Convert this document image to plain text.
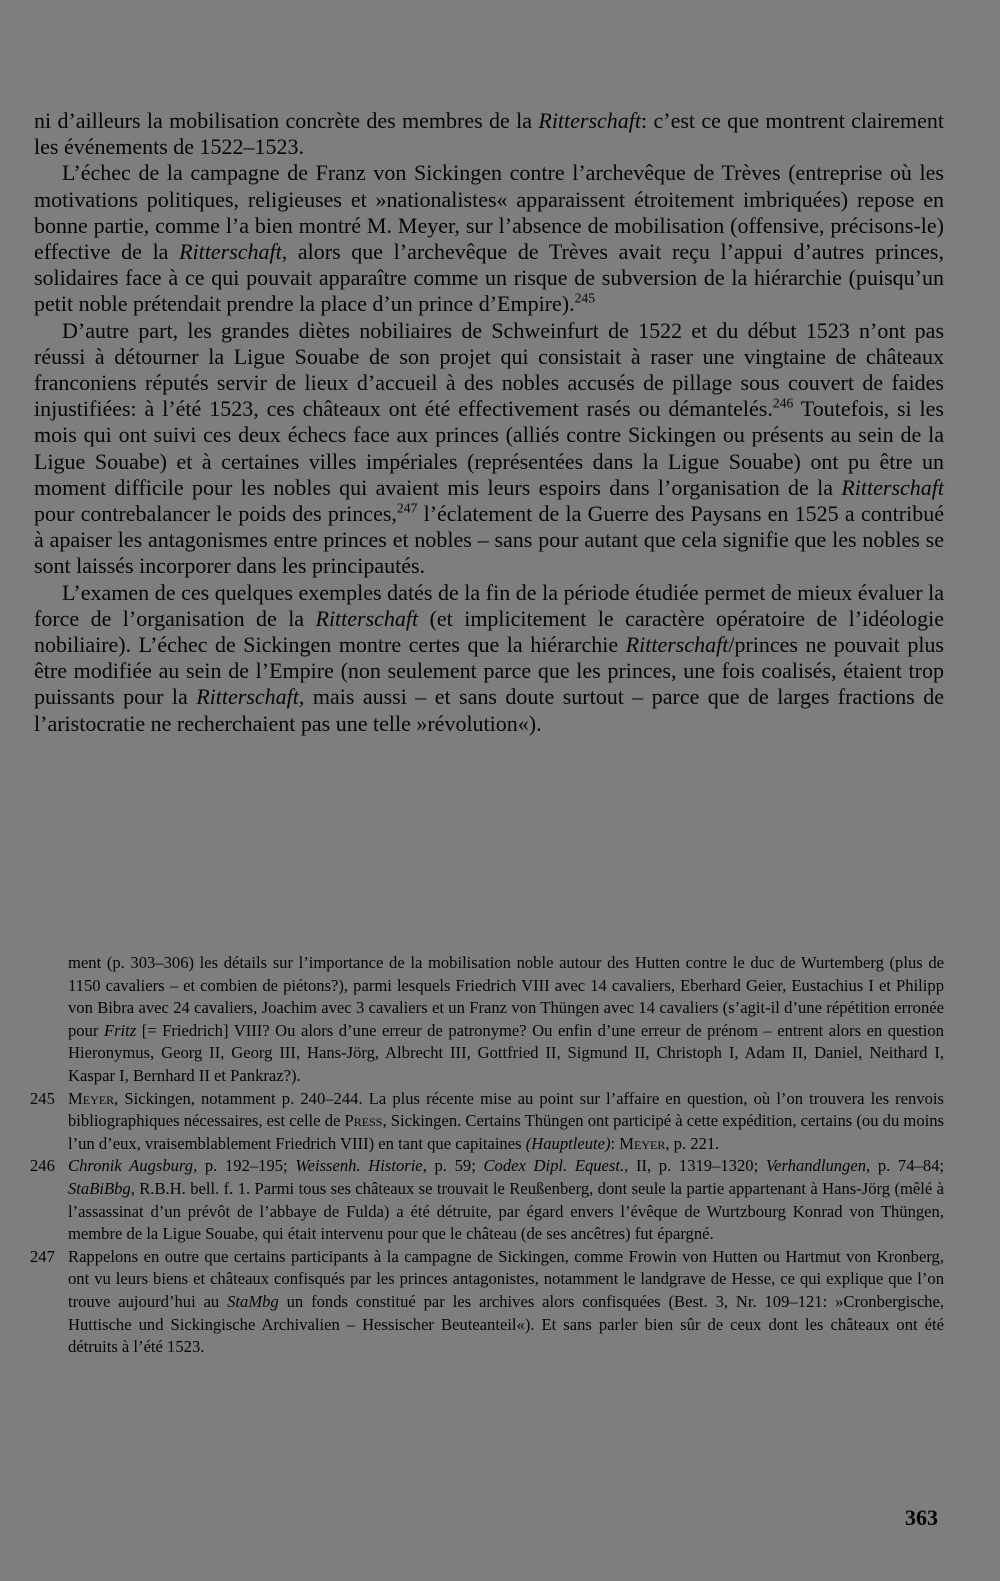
ni d’ailleurs la mobilisation concrète des membres de la Ritterschaft: c’est ce que montrent clairement les événements de 1522–1523.

L’échec de la campagne de Franz von Sickingen contre l’archevêque de Trèves (entreprise où les motivations politiques, religieuses et »nationalistes« apparaissent étroitement imbriquées) repose en bonne partie, comme l’a bien montré M. Meyer, sur l’absence de mobilisation (offensive, précisons-le) effective de la Ritterschaft, alors que l’archevêque de Trèves avait reçu l’appui d’autres princes, solidaires face à ce qui pouvait apparaître comme un risque de subversion de la hiérarchie (puisqu’un petit noble prétendait prendre la place d’un prince d’Empire).$^{245}$

D’autre part, les grandes diètes nobiliaires de Schweinfurt de 1522 et du début 1523 n’ont pas réussi à détourner la Ligue Souabe de son projet qui consistait à raser une vingtaine de châteaux franconiens réputés servir de lieux d’accueil à des nobles accusés de pillage sous couvert de faides injustifiées: à l’été 1523, ces châteaux ont été effectivement rasés ou démantelés.$^{246}$ Toutefois, si les mois qui ont suivi ces deux échecs face aux princes (alliés contre Sickingen ou présents au sein de la Ligue Souabe) et à certaines villes impériales (représentées dans la Ligue Souabe) ont pu être un moment difficile pour les nobles qui avaient mis leurs espoirs dans l’organisation de la Ritterschaft pour contrebalancer le poids des princes,$^{247}$ l’éclatement de la Guerre des Paysans en 1525 a contribué à apaiser les antagonismes entre princes et nobles – sans pour autant que cela signifie que les nobles se sont laissés incorporer dans les principautés.

L’examen de ces quelques exemples datés de la fin de la période étudiée permet de mieux évaluer la force de l’organisation de la Ritterschaft (et implicitement le caractère opératoire de l’idéologie nobiliaire). L’échec de Sickingen montre certes que la hiérarchie Ritterschaft/princes ne pouvait plus être modifiée au sein de l’Empire (non seulement parce que les princes, une fois coalisés, étaient trop puissants pour la Ritterschaft, mais aussi – et sans doute surtout – parce que de larges fractions de l’aristocratie ne recherchaient pas une telle »révolution«).

ment (p. 303–306) les détails sur l’importance de la mobilisation noble autour des Hutten contre le duc de Wurtemberg (plus de 1150 cavaliers – et combien de piétons?), parmi lesquels Friedrich VIII avec 14 cavaliers, Eberhard Geier, Eustachius I et Philipp von Bibra avec 24 cavaliers, Joachim avec 3 cavaliers et un Franz von Thüngen avec 14 cavaliers (s’agit-il d’une répétition erronée pour Fritz [= Friedrich] VIII? Ou alors d’une erreur de patronyme? Ou enfin d’une erreur de prénom – entrent alors en question Hieronymus, Georg II, Georg III, Hans-Jörg, Albrecht III, Gottfried II, Sigmund II, Christoph I, Adam II, Daniel, Neithard I, Kaspar I, Bernhard II et Pankraz?).

245 Meyer, Sickingen, notamment p. 240–244. La plus récente mise au point sur l’affaire en question, où l’on trouvera les renvois bibliographiques nécessaires, est celle de Press, Sickingen. Certains Thüngen ont participé à cette expédition, certains (ou du moins l’un d’eux, vraisemblablement Friedrich VIII) en tant que capitaines (Hauptleute): Meyer, p. 221.

246 Chronik Augsburg, p. 192–195; Weissenh. Historie, p. 59; Codex Dipl. Equest., II, p. 1319–1320; Verhandlungen, p. 74–84; StaBiBbg, R.B.H. bell. f. 1. Parmi tous ses châteaux se trouvait le Reußenberg, dont seule la partie appartenant à Hans-Jörg (mêlé à l’assassinat d’un prévôt de l’abbaye de Fulda) a été détruite, par égard envers l’évêque de Wurtzbourg Konrad von Thüngen, membre de la Ligue Souabe, qui était intervenu pour que le château (de ses ancêtres) fut épargné.

247 Rappelons en outre que certains participants à la campagne de Sickingen, comme Frowin von Hutten ou Hartmut von Kronberg, ont vu leurs biens et châteaux confisqués par les princes antagonistes, notamment le landgrave de Hesse, ce qui explique que l’on trouve aujourd’hui au StaMbg un fonds constitué par les archives alors confisquées (Best. 3, Nr. 109–121: »Cronbergische, Huttische und Sickingische Archivalien – Hessischer Beuteanteil«). Et sans parler bien sûr de ceux dont les châteaux ont été détruits à l’été 1523.

363
